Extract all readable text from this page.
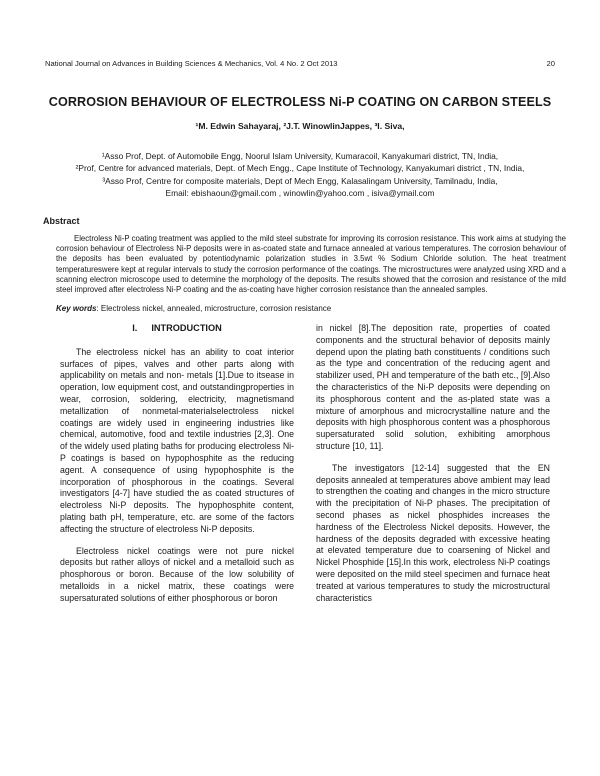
National Journal on Advances in Building Sciences & Mechanics, Vol. 4 No. 2 Oct 2013	20
CORROSION BEHAVIOUR OF ELECTROLESS Ni-P COATING ON CARBON STEELS
¹M. Edwin Sahayaraj, ²J.T. WinowlinJappes, ³I. Siva,
¹Asso Prof, Dept. of Automobile Engg, Noorul Islam University, Kumaracoil, Kanyakumari district, TN, India,
²Prof, Centre for advanced materials, Dept. of Mech Engg., Cape Institute of Technology, Kanyakumari district , TN, India,
³Asso Prof, Centre for composite materials, Dept of Mech Engg, Kalasalingam University, Tamilnadu, India,
Email: ebishaoun@gmail.com , winowlin@yahoo.com , isiva@ymail.com
Abstract

Electroless Ni-P coating treatment was applied to the mild steel substrate for improving its corrosion resistance. This work aims at studying the corrosion behaviour of Electroless Ni-P deposits were in as-coated state and furnace annealed at various temperatures. The corrosion behaviour of the deposits has been evaluated by potentiodynamic polarization studies in 3.5wt % Sodium Chloride solution. The heat treatment temperatureswere kept at regular intervals to study the corrosion performance of the coatings. The microstructures were analyzed using XRD and a scanning electron microscope used to determine the morphology of the deposits. The results showed that the corrosion and resistance of the mild steel improved after electroless Ni-P coating and the as-coating have higher corrosion resistance than the annealed samples.

Key words: Electroless nickel, annealed, microstructure, corrosion resistance
I. INTRODUCTION

The electroless nickel has an ability to coat interior surfaces of pipes, valves and other parts along with applicability on metals and non- metals [1].Due to itsease in operation, low equipment cost, and outstandingproperties in wear, corrosion, soldering, electricity, magnetismand metallization of nonmetal-materialselectroless nickel coatings are widely used in engineering industries like chemical, automotive, food and textile industries [2,3]. One of the widely used plating baths for producing electroless Ni-P coatings is based on hypophosphite as the reducing agent. A consequence of using hypophosphite is the incorporation of phosphorous in the coatings. Several investigators [4-7] have studied the as coated structures of electroless Ni-P deposits. The hypophosphite content, plating bath pH, temperature, etc. are some of the factors affecting the structure of electroless Ni-P deposits.

Electroless nickel coatings were not pure nickel deposits but rather alloys of nickel and a metalloid such as phosphorous or boron. Because of the low solubility of metalloids in a nickel matrix, these coatings were supersaturated solutions of either phosphorous or boron

in nickel [8].The deposition rate, properties of coated components and the structural behavior of deposits mainly depend upon the plating bath constituents / conditions such as the type and concentration of the reducing agent and stabilizer used, PH and temperature of the bath etc., [9].Also the characteristics of the Ni-P deposits were depending on its phosphorous content and the as-plated state was a mixture of amorphous and microcrystalline nature and the deposits with high phosphorous content was a phosphorous supersaturated solid solution, exhibiting amorphous structure [10, 11].

The investigators [12-14] suggested that the EN deposits annealed at temperatures above ambient may lead to strengthen the coating and changes in the micro structure with the precipitation of Ni-P phases. The precipitation of second phases as nickel phosphides increases the hardness of the Electroless Nickel deposits. However, the hardness of the deposits degraded with excessive heating at elevated temperature due to coarsening of Nickel and Nickel Phosphide [15].In this work, electroless Ni-P coatings were deposited on the mild steel specimen and furnace heat treated at various temperatures to study the microstructural characteristics
